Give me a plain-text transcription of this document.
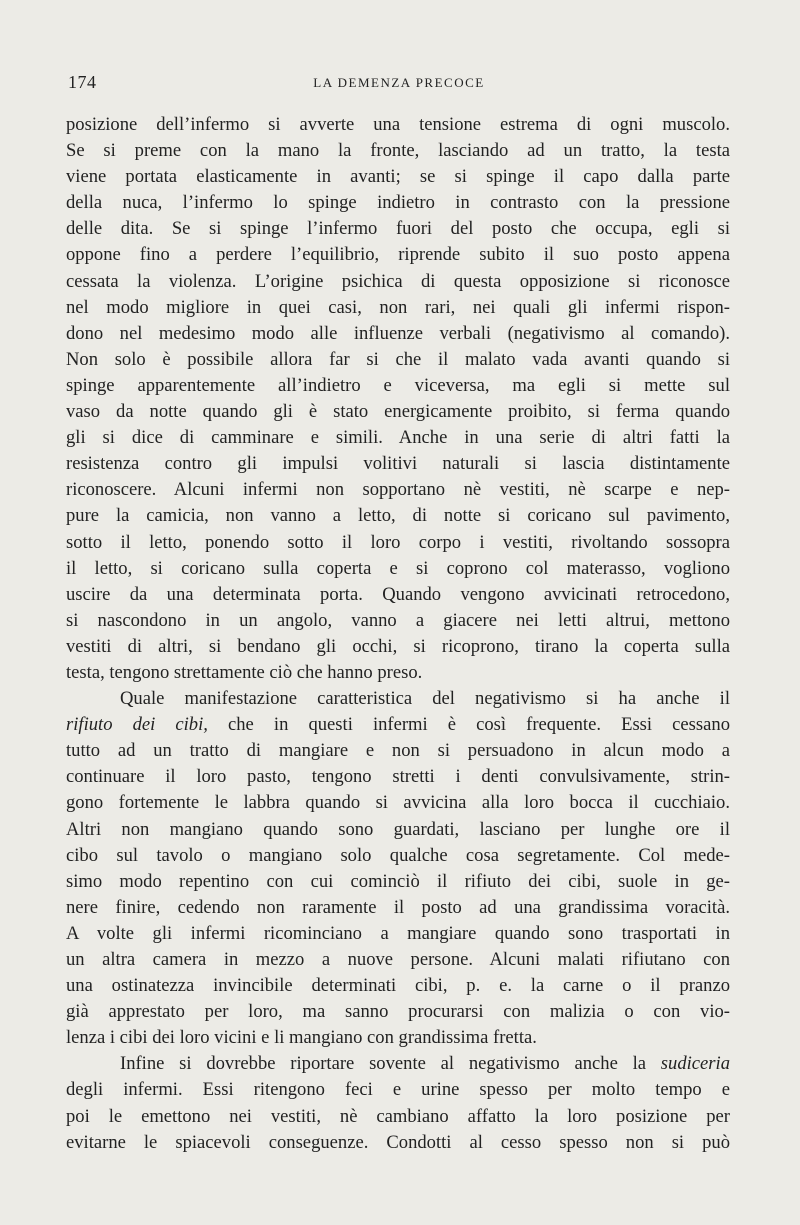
174	LA DEMENZA PRECOCE
posizione dell’infermo si avverte una tensione estrema di ogni muscolo.
Se si preme con la mano la fronte, lasciando ad un tratto, la testa
viene portata elasticamente in avanti; se si spinge il capo dalla parte
della nuca, l’infermo lo spinge indietro in contrasto con la pressione
delle dita. Se si spinge l’infermo fuori del posto che occupa, egli si
oppone fino a perdere l’equilibrio, riprende subito il suo posto appena
cessata la violenza. L’origine psichica di questa opposizione si riconosce
nel modo migliore in quei casi, non rari, nei quali gli infermi rispon-
dono nel medesimo modo alle influenze verbali (negativismo al comando).
Non solo è possibile allora far si che il malato vada avanti quando si
spinge apparentemente all’indietro e viceversa, ma egli si mette sul
vaso da notte quando gli è stato energicamente proibito, si ferma quando
gli si dice di camminare e simili. Anche in una serie di altri fatti la
resistenza contro gli impulsi volitivi naturali si lascia distintamente
riconoscere. Alcuni infermi non sopportano nè vestiti, nè scarpe e nep-
pure la camicia, non vanno a letto, di notte si coricano sul pavimento,
sotto il letto, ponendo sotto il loro corpo i vestiti, rivoltando sossopra
il letto, si coricano sulla coperta e si coprono col materasso, vogliono
uscire da una determinata porta. Quando vengono avvicinati retrocedono,
si nascondono in un angolo, vanno a giacere nei letti altrui, mettono
vestiti di altri, si bendano gli occhi, si ricoprono, tirano la coperta sulla
testa, tengono strettamente ciò che hanno preso.
Quale manifestazione caratteristica del negativismo si ha anche il
rifiuto dei cibi, che in questi infermi è così frequente. Essi cessano
tutto ad un tratto di mangiare e non si persuadono in alcun modo a
continuare il loro pasto, tengono stretti i denti convulsivamente, strin-
gono fortemente le labbra quando si avvicina alla loro bocca il cucchiaio.
Altri non mangiano quando sono guardati, lasciano per lunghe ore il
cibo sul tavolo o mangiano solo qualche cosa segretamente. Col mede-
simo modo repentino con cui cominciò il rifiuto dei cibi, suole in ge-
nere finire, cedendo non raramente il posto ad una grandissima voracità.
A volte gli infermi ricominciano a mangiare quando sono trasportati in
un altra camera in mezzo a nuove persone. Alcuni malati rifiutano con
una ostinatezza invincibile determinati cibi, p. e. la carne o il pranzo
già apprestato per loro, ma sanno procurarsi con malizia o con vio-
lenza i cibi dei loro vicini e li mangiano con grandissima fretta.
Infine si dovrebbe riportare sovente al negativismo anche la sudiceria
degli infermi. Essi ritengono feci e urine spesso per molto tempo e
poi le emettono nei vestiti, nè cambiano affatto la loro posizione per
evitarne le spiacevoli conseguenze. Condotti al cesso spesso non si può
